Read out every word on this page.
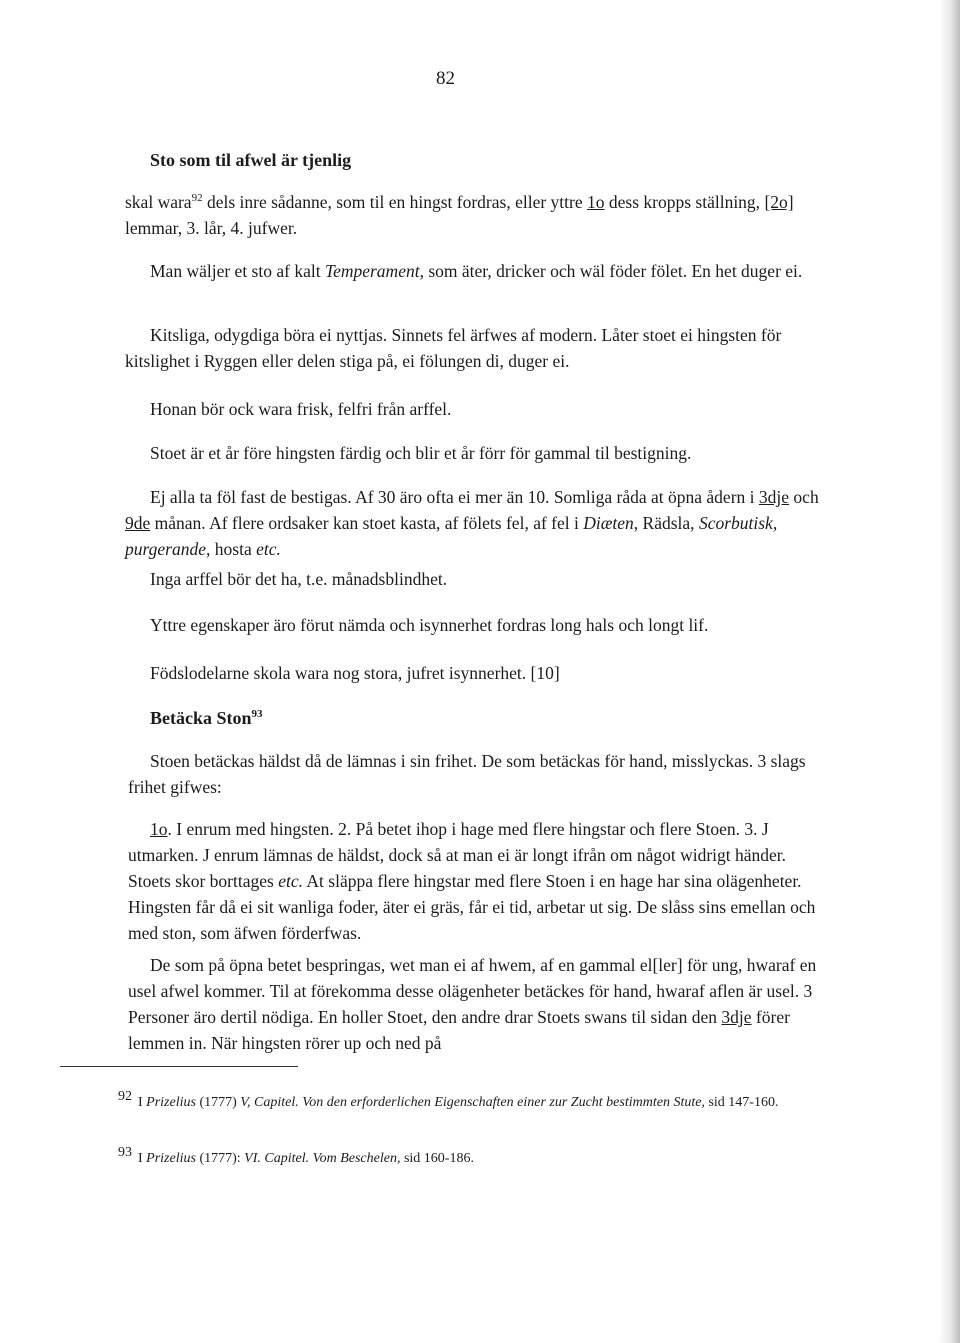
82
Sto som til afwel är tjenlig

skal wara$^{92}$ dels inre sådanne, som til en hingst fordras, eller yttre 1o dess kropps ställning, [2o] lemmar, 3. lår, 4. jufwer.

Man wäljer et sto af kalt Temperament, som äter, dricker och wäl föder fölet. En het duger ei.

Kitsliga, odygdiga böra ei nyttjas. Sinnets fel ärfwes af modern. Låter stoet ei hingsten för kitslighet i Ryggen eller delen stiga på, ei fölungen di, duger ei.

Honan bör ock wara frisk, felfri från arffel.

Stoet är et år före hingsten färdig och blir et år förr för gammal til bestigning.

Ej alla ta föl fast de bestigas. Af 30 äro ofta ei mer än 10. Somliga råda at öpna ådern i 3dje och 9de månan. Af flere ordsaker kan stoet kasta, af fölets fel, af fel i Diæten, Rädsla, Scorbutisk, purgerande, hosta etc.

Inga arffel bör det ha, t.e. månadsblindhet.

Yttre egenskaper äro förut nämda och isynnerhet fordras long hals och longt lif.

Födslodelarne skola wara nog stora, jufret isynnerhet. [10]

Betäcka Ston$^{93}$

Stoen betäckas häldst då de lämnas i sin frihet. De som betäckas för hand, misslyckas. 3 slags frihet gifwes:

1o. I enrum med hingsten. 2. På betet ihop i hage med flere hingstar och flere Stoen. 3. J utmarken. J enrum lämnas de häldst, dock så at man ei är longt ifrån om något widrigt händer. Stoets skor borttages etc. At släppa flere hingstar med flere Stoen i en hage har sina olägenheter. Hingsten får då ei sit wanliga foder, äter ei gräs, får ei tid, arbetar ut sig. De slåss sins emellan och med ston, som äfwen förderfwas.

De som på öpna betet bespringas, wet man ei af hwem, af en gammal el[ler] för ung, hwaraf en usel afwel kommer. Til at förekomma desse olägenheter betäckes för hand, hwaraf aflen är usel. 3 Personer äro dertil nödiga. En holler Stoet, den andre drar Stoets swans til sidan den 3dje förer lemmen in. När hingsten rörer up och ned på

$^{92}$ I Prizelius (1777) V, Capitel. Von den erforderlichen Eigenschaften einer zur Zucht bestimmten Stute, sid 147-160.
$^{93}$ I Prizelius (1777): VI. Capitel. Vom Beschelen, sid 160-186.
